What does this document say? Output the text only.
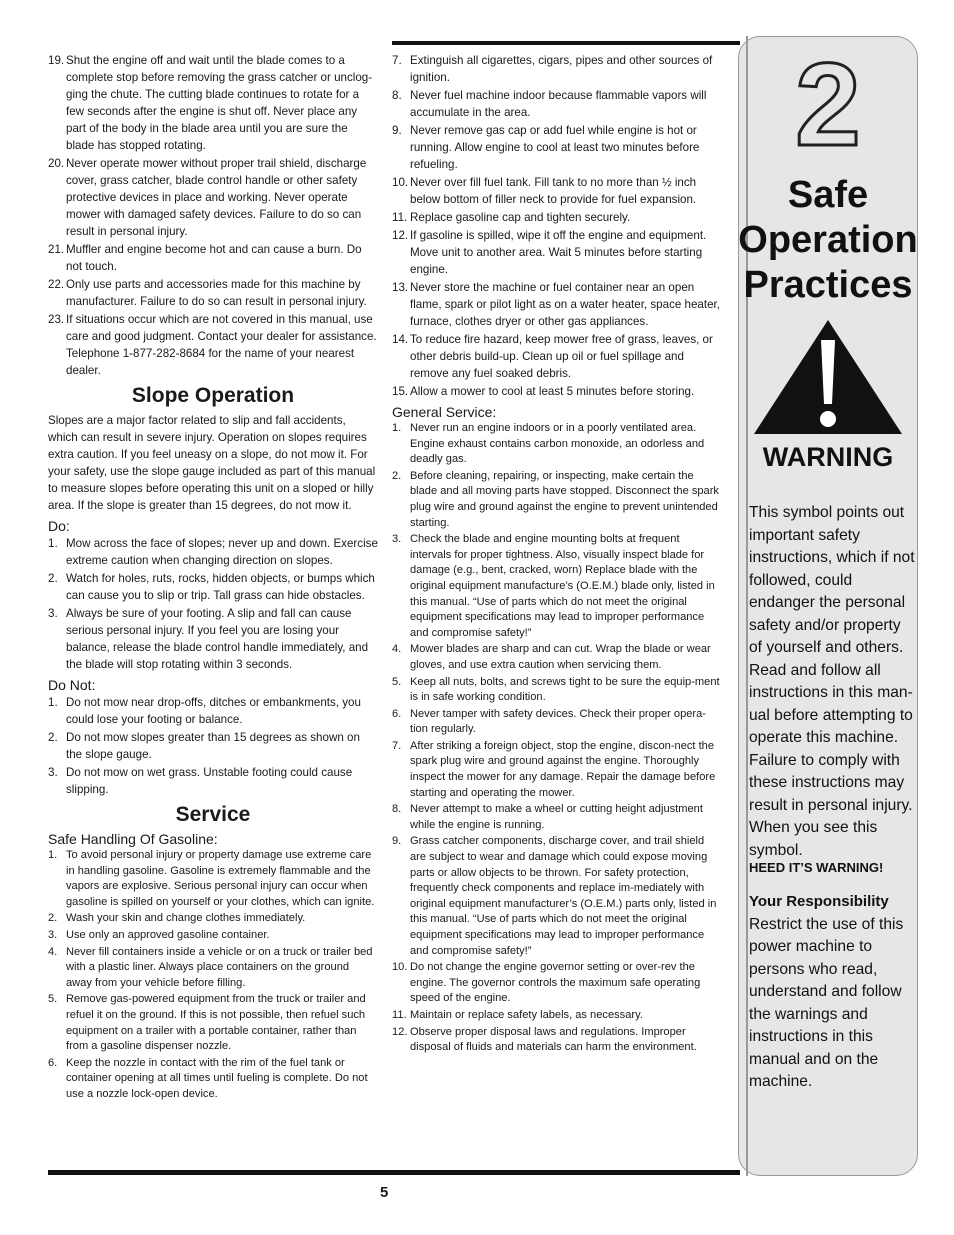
19. Shut the engine off and wait until the blade comes to a complete stop before removing the grass catcher or unclog-ging the chute. The cutting blade continues to rotate for a few seconds after the engine is shut off. Never place any part of the body in the blade area until you are sure the blade has stopped rotating.
20. Never operate mower without proper trail shield, discharge cover, grass catcher, blade control handle or other safety protective devices in place and working. Never operate mower with damaged safety devices. Failure to do so can result in personal injury.
21. Muffler and engine become hot and can cause a burn. Do not touch.
22. Only use parts and accessories made for this machine by manufacturer. Failure to do so can result in personal injury.
23. If situations occur which are not covered in this manual, use care and good judgment. Contact your dealer for assistance. Telephone 1-877-282-8684 for the name of your nearest dealer.
Slope Operation

Slopes are a major factor related to slip and fall accidents, which can result in severe injury. Operation on slopes requires extra caution. If you feel uneasy on a slope, do not mow it. For your safety, use the slope gauge included as part of this manual to measure slopes before operating this unit on a sloped or hilly area. If the slope is greater than 15 degrees, do not mow it.

Do:
1. Mow across the face of slopes; never up and down. Exercise extreme caution when changing direction on slopes.
2. Watch for holes, ruts, rocks, hidden objects, or bumps which can cause you to slip or trip. Tall grass can hide obstacles.
3. Always be sure of your footing. A slip and fall can cause serious personal injury. If you feel you are losing your balance, release the blade control handle immediately, and the blade will stop rotating within 3 seconds.
Do Not:
1. Do not mow near drop-offs, ditches or embankments, you could lose your footing or balance.
2. Do not mow slopes greater than 15 degrees as shown on the slope gauge.
3. Do not mow on wet grass. Unstable footing could cause slipping.
Service
Safe Handling Of Gasoline:
1. To avoid personal injury or property damage use extreme care in handling gasoline. Gasoline is extremely flammable and the vapors are explosive. Serious personal injury can occur when gasoline is spilled on yourself or your clothes, which can ignite.
2. Wash your skin and change clothes immediately.
3. Use only an approved gasoline container.
4. Never fill containers inside a vehicle or on a truck or trailer bed with a plastic liner. Always place containers on the ground away from your vehicle before filling.
5. Remove gas-powered equipment from the truck or trailer and refuel it on the ground. If this is not possible, then refuel such equipment on a trailer with a portable container, rather than from a gasoline dispenser nozzle.
6. Keep the nozzle in contact with the rim of the fuel tank or container opening at all times until fueling is complete. Do not use a nozzle lock-open device.
7. Extinguish all cigarettes, cigars, pipes and other sources of ignition.
8. Never fuel machine indoor because flammable vapors will accumulate in the area.
9. Never remove gas cap or add fuel while engine is hot or running. Allow engine to cool at least two minutes before refueling.
10. Never over fill fuel tank. Fill tank to no more than ½ inch below bottom of filler neck to provide for fuel expansion.
11. Replace gasoline cap and tighten securely.
12. If gasoline is spilled, wipe it off the engine and equipment. Move unit to another area. Wait 5 minutes before starting engine.
13. Never store the machine or fuel container near an open flame, spark or pilot light as on a water heater, space heater, furnace, clothes dryer or other gas appliances.
14. To reduce fire hazard, keep mower free of grass, leaves, or other debris build-up. Clean up oil or fuel spillage and remove any fuel soaked debris.
15. Allow a mower to cool at least 5 minutes before storing.
General Service:
1. Never run an engine indoors or in a poorly ventilated area. Engine exhaust contains carbon monoxide, an odorless and deadly gas.
2. Before cleaning, repairing, or inspecting, make certain the blade and all moving parts have stopped. Disconnect the spark plug wire and ground against the engine to prevent unintended starting.
3. Check the blade and engine mounting bolts at frequent intervals for proper tightness. Also, visually inspect blade for damage (e.g., bent, cracked, worn) Replace blade with the original equipment manufacture’s (O.E.M.) blade only, listed in this manual. “Use of parts which do not meet the original equipment specifications may lead to improper performance and compromise safety!”
4. Mower blades are sharp and can cut. Wrap the blade or wear gloves, and use extra caution when servicing them.
5. Keep all nuts, bolts, and screws tight to be sure the equip-ment is in safe working condition.
6. Never tamper with safety devices. Check their proper opera-tion regularly.
7. After striking a foreign object, stop the engine, discon-nect the spark plug wire and ground against the engine. Thoroughly inspect the mower for any damage. Repair the damage before starting and operating the mower.
8. Never attempt to make a wheel or cutting height adjustment while the engine is running.
9. Grass catcher components, discharge cover, and trail shield are subject to wear and damage which could expose moving parts or allow objects to be thrown. For safety protection, frequently check components and replace im-mediately with original equipment manufacturer’s (O.E.M.) parts only, listed in this manual. “Use of parts which do not meet the original equipment specifications may lead to improper performance and compromise safety!”
10. Do not change the engine governor setting or over-rev the engine. The governor controls the maximum safe operating speed of the engine.
11. Maintain or replace safety labels, as necessary.
12. Observe proper disposal laws and regulations. Improper disposal of fluids and materials can harm the environment.
2
Safe Operation Practices
WARNING

This symbol points out important safety instructions, which if not followed, could endanger the personal safety and/or property of yourself and others. Read and follow all instructions in this man-ual before attempting to operate this machine. Failure to comply with these instructions may result in personal injury. When you see this symbol.

HEED IT’S WARNING!

Your Responsibility

Restrict the use of this power machine to persons who read, understand and follow the warnings and instructions in this manual and on the machine.

5
